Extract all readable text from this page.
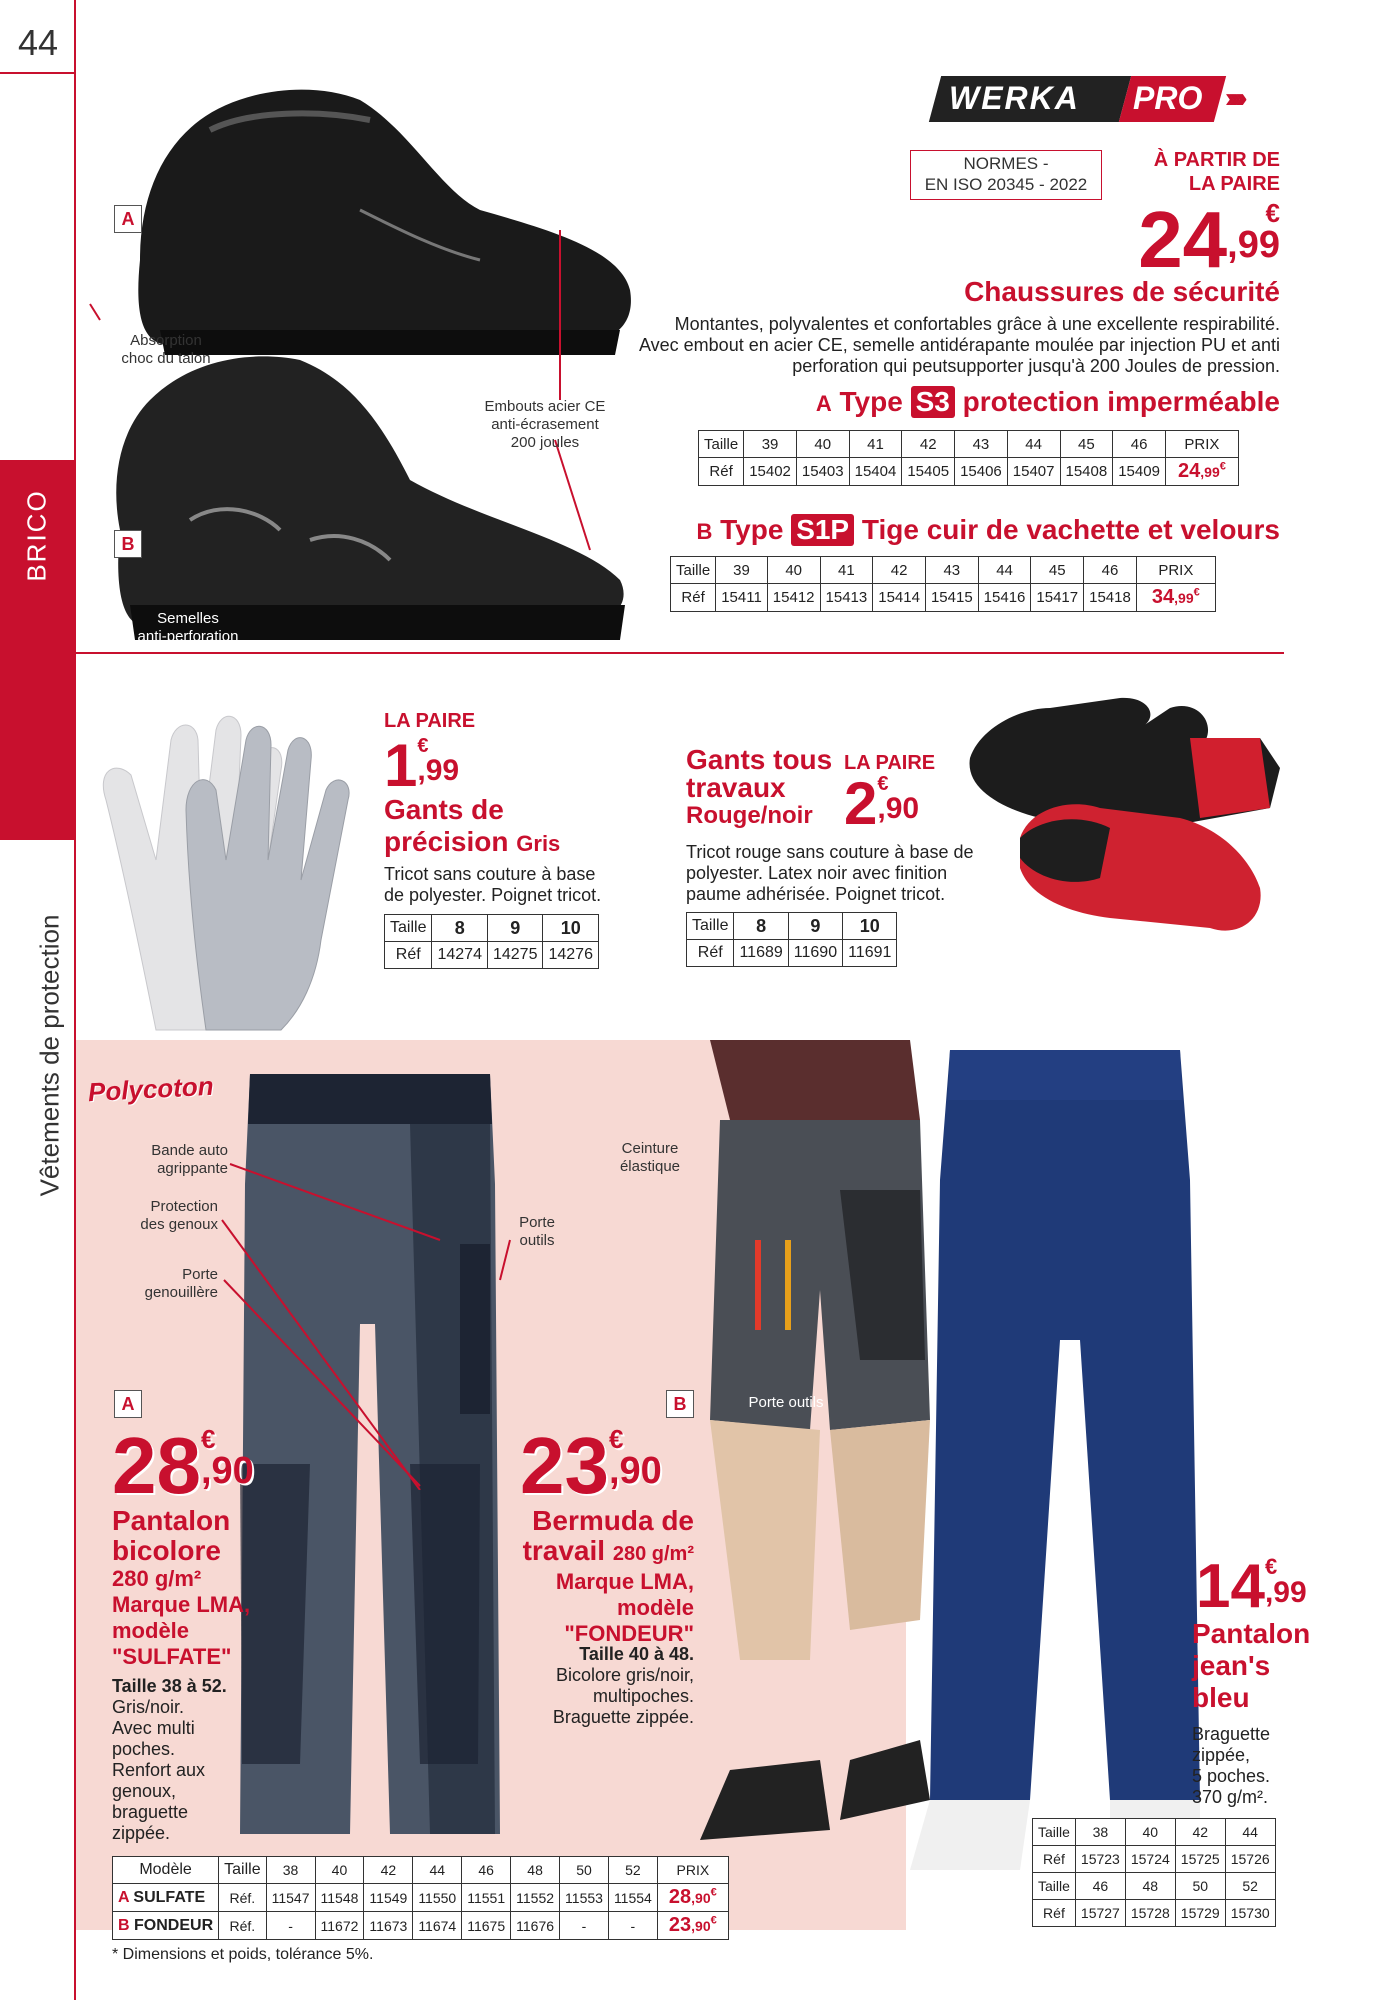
44
BRICO
Vêtements de protection
A
B
Absorption
choc du talon
Embouts acier CE
anti-écrasement
200 joules
Semelles
anti-perforation
WERKA PRO ›››››
NORMES -
EN ISO 20345 - 2022
À PARTIR DE
LA PAIRE
24	€
,99
Chaussures de sécurité
Montantes, polyvalentes et confortables grâce à une excellente respirabilité.
Avec embout en acier CE, semelle antidérapante moulée par injection PU et anti
perforation qui peutsupporter jusqu'à 200 Joules de pression.
A Type S3 protection imperméable
Taille	39	40	41	42	43	44	45	46	PRIX
Réf	15402	15403	15404	15405	15406	15407	15408	15409	24,99€
B Type S1P Tige cuir de vachette et velours
Taille	39	40	41	42	43	44	45	46	PRIX
Réf	15411	15412	15413	15414	15415	15416	15417	15418	34,99€
LA PAIRE
1 €
,99
Gants de
précision Gris
Tricot sans couture à base
de polyester. Poignet tricot.
Taille	8	9	10
Réf	14274	14275	14276
Gants tous
travaux
Rouge/noir
LA PAIRE
2 €
,90
Tricot rouge sans couture à base de
polyester. Latex noir avec finition
paume adhérisée. Poignet tricot.
Taille	8	9	10
Réf	11689	11690	11691
Polycoton
Bande auto
agrippante
Protection
des genoux
Porte
genouillère
Porte
outils
Ceinture
élastique
Porte outils
A	B
28 €
,90
Pantalon
bicolore
280 g/m²
Marque LMA,
modèle
"SULFATE"
Taille 38 à 52.
Gris/noir.
Avec multi
poches.
Renfort aux
genoux,
braguette
zippée.
23 €
,90
Bermuda de
travail 280 g/m²
Marque LMA,
modèle
"FONDEUR"
Taille 40 à 48.
Bicolore gris/noir,
multipoches.
Braguette zippée.
Modèle	Taille	38	40	42	44	46	48	50	52	PRIX
A SULFATE	Réf.	11547	11548	11549	11550	11551	11552	11553	11554	28,90€
B FONDEUR	Réf.	-	11672	11673	11674	11675	11676	-	-	23,90€
14 €
,99
Pantalon
jean's
bleu
Braguette
zippée,
5 poches.
370 g/m².
Taille	38	40	42	44
Réf	15723	15724	15725	15726
Taille	46	48	50	52
Réf	15727	15728	15729	15730
* Dimensions et poids, tolérance 5%.
